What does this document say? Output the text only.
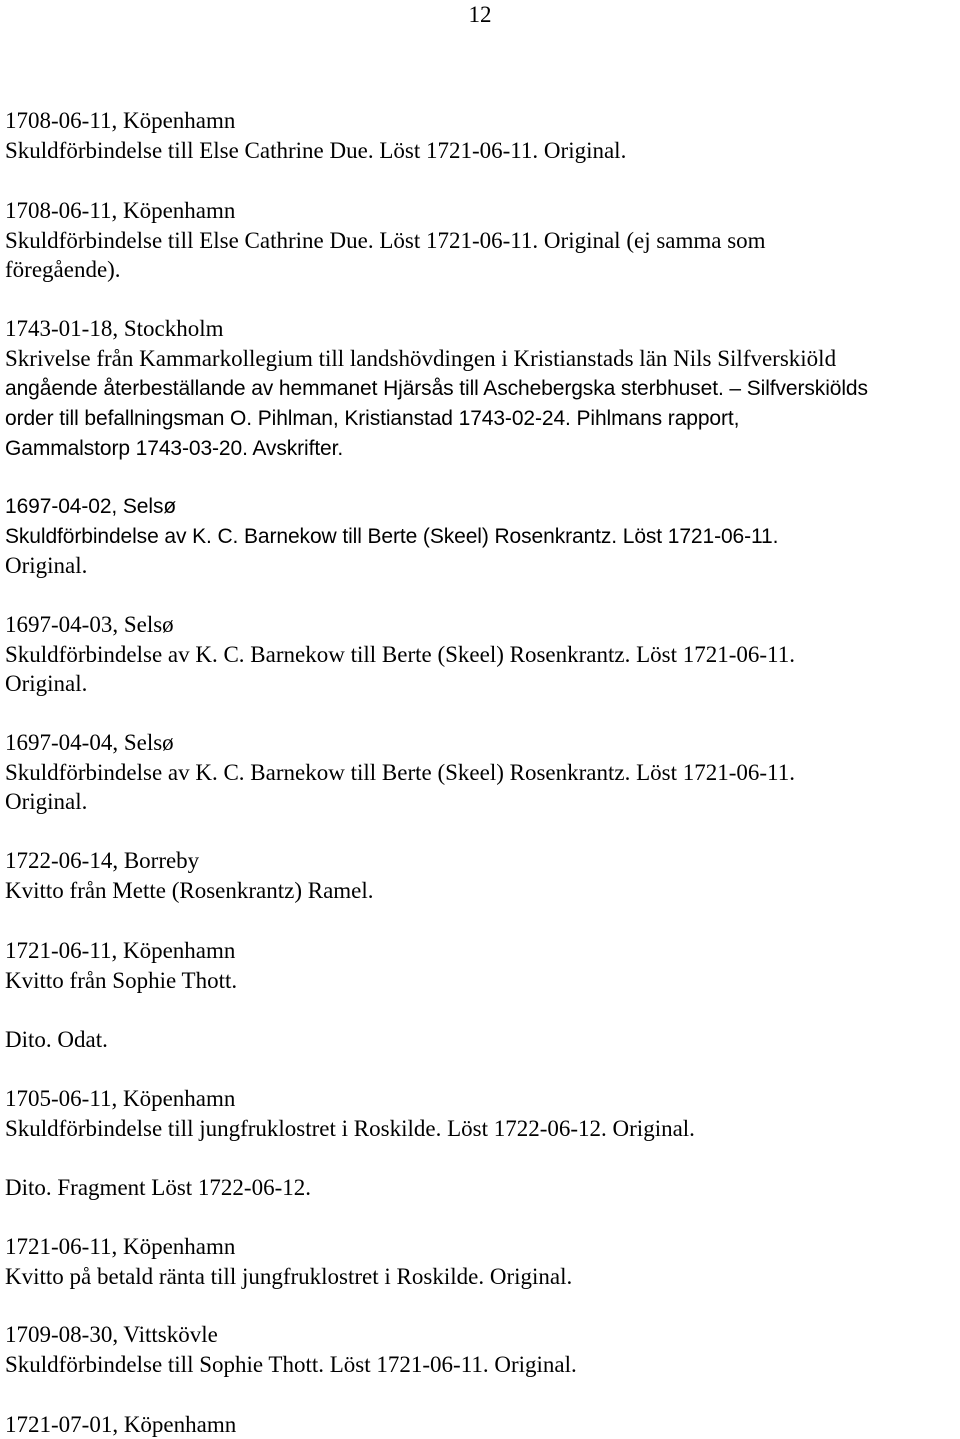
12
1708-06-11, Köpenhamn
Skuldförbindelse till Else Cathrine Due. Löst 1721-06-11. Original.
1708-06-11, Köpenhamn
Skuldförbindelse till Else Cathrine Due. Löst 1721-06-11. Original (ej samma som
föregående).
1743-01-18, Stockholm
Skrivelse från Kammarkollegium till landshövdingen i Kristianstads län Nils Silfverskiöld
angående återbeställande av hemmanet Hjärsås till Aschebergska sterbhuset. – Silfverskiölds
order till befallningsman O. Pihlman, Kristianstad 1743-02-24. Pihlmans rapport,
Gammalstorp 1743-03-20. Avskrifter.
1697-04-02, Selsø
Skuldförbindelse av K. C. Barnekow till Berte (Skeel) Rosenkrantz. Löst 1721-06-11.
Original.
1697-04-03, Selsø
Skuldförbindelse av K. C. Barnekow till Berte (Skeel) Rosenkrantz. Löst 1721-06-11.
Original.
1697-04-04, Selsø
Skuldförbindelse av K. C. Barnekow till Berte (Skeel) Rosenkrantz. Löst 1721-06-11.
Original.
1722-06-14, Borreby
Kvitto från Mette (Rosenkrantz) Ramel.
1721-06-11, Köpenhamn
Kvitto från Sophie Thott.
Dito. Odat.
1705-06-11, Köpenhamn
Skuldförbindelse till jungfruklostret i Roskilde. Löst 1722-06-12. Original.
Dito. Fragment Löst 1722-06-12.
1721-06-11, Köpenhamn
Kvitto på betald ränta till jungfruklostret i Roskilde. Original.
1709-08-30, Vittskövle
Skuldförbindelse till Sophie Thott. Löst 1721-06-11. Original.
1721-07-01, Köpenhamn
